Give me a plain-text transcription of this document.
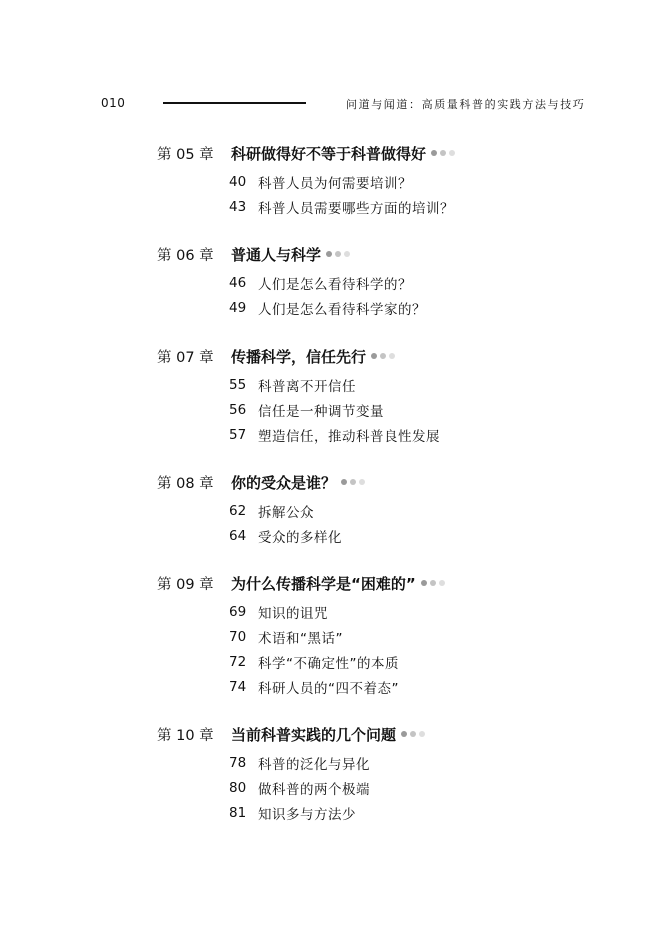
010	问道与闻道：高质量科普的实践方法与技巧
第 05 章	科研做得好不等于科普做得好
40 科普人员为何需要培训？
43 科普人员需要哪些方面的培训？
第 06 章	普通人与科学
46 人们是怎么看待科学的？
49 人们是怎么看待科学家的？
第 07 章	传播科学，信任先行
55 科普离不开信任
56 信任是一种调节变量
57 塑造信任，推动科普良性发展
第 08 章	你的受众是谁？
62 拆解公众
64 受众的多样化
第 09 章	为什么传播科学是“困难的”
69 知识的诅咒
70 术语和“黑话”
72 科学“不确定性”的本质
74 科研人员的“四不着态”
第 10 章	当前科普实践的几个问题
78 科普的泛化与异化
80 做科普的两个极端
81 知识多与方法少
